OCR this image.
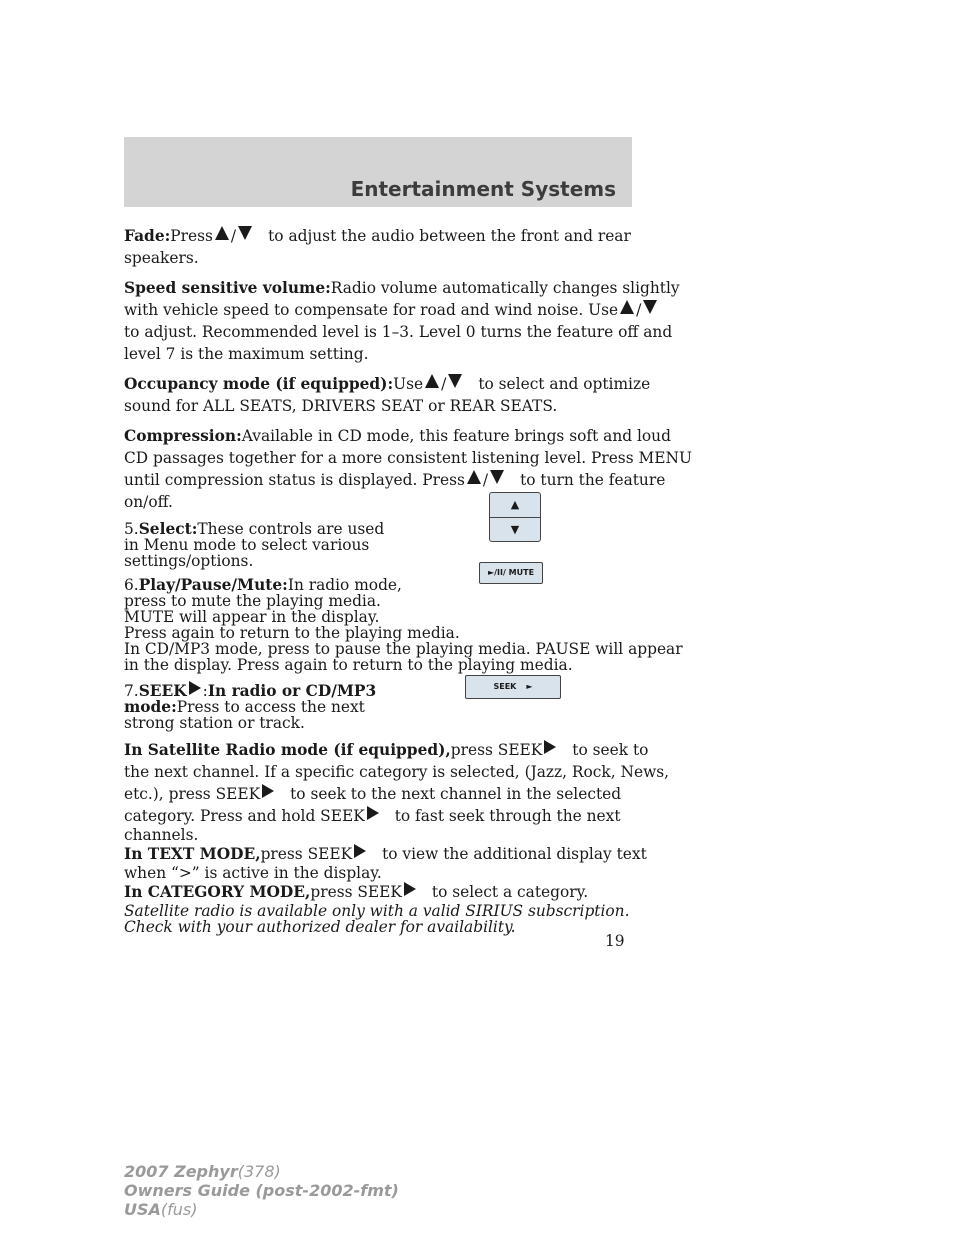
Entertainment Systems
Fade:Press / to adjust the audio between the front and rear
speakers.
Speed sensitive volume:Radio volume automatically changes slightly
with vehicle speed to compensate for road and wind noise. Use /
to adjust. Recommended level is 1–3. Level 0 turns the feature off and
level 7 is the maximum setting.
Occupancy mode (if equipped):Use / to select and optimize
sound for ALL SEATS, DRIVERS SEAT or REAR SEATS.
Compression:Available in CD mode, this feature brings soft and loud
CD passages together for a more consistent listening level. Press MENU
until compression status is displayed. Press / to turn the feature
on/off.
5.Select:These controls are used
in Menu mode to select various
settings/options.
6.Play/Pause/Mute:In radio mode,
press to mute the playing media.
MUTE will appear in the display.
Press again to return to the playing media.
In CD/MP3 mode, press to pause the playing media. PAUSE will appear
in the display. Press again to return to the playing media.
7.SEEK :In radio or CD/MP3
mode:Press to access the next
strong station or track.
In Satellite Radio mode (if equipped),press SEEK to seek to
the next channel. If a specific category is selected, (Jazz, Rock, News,
etc.), press SEEK to seek to the next channel in the selected
category. Press and hold SEEK to fast seek through the next
channels.
In TEXT MODE,press SEEK to view the additional display text
when “>” is active in the display.
In CATEGORY MODE,press SEEK to select a category.
Satellite radio is available only with a valid SIRIUS subscription.
Check with your authorized dealer for availability.
▲
▼
►/II/ MUTE
SEEK ►
19
2007 Zephyr(378)
Owners Guide (post-2002-fmt)
USA(fus)
